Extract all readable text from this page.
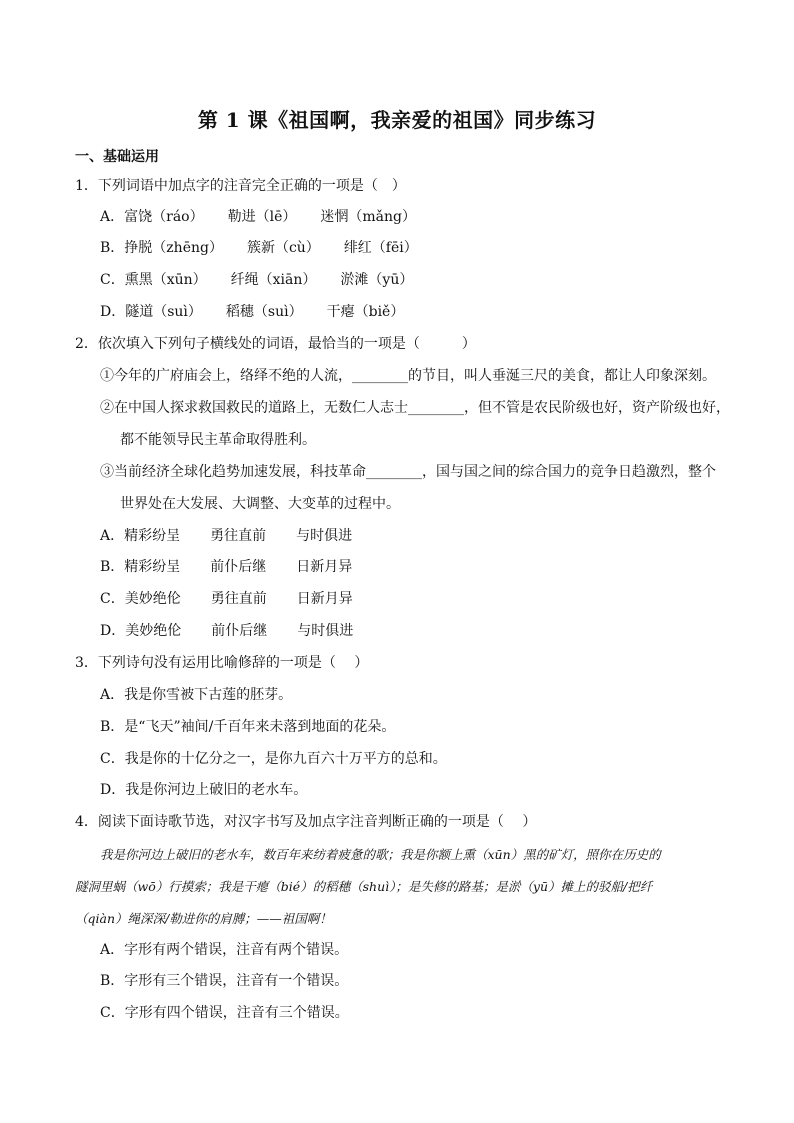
第 1 课《祖国啊，我亲爱的祖国》同步练习
一、基础运用
1．下列词语中加点字的注音完全正确的一项是（　）
A．富饶（ráo） 勒进（lē） 迷惘（mǎng）
B．挣脱（zhēng） 簇新（cù） 绯红（fēi）
C．熏黑（xūn） 纤绳（xiān） 淤滩（yū）
D．隧道（suì） 稻穗（suì） 干瘪（biě）
2．依次填入下列句子横线处的词语，最恰当的一项是（　　　）
①今年的广府庙会上，络绎不绝的人流，________的节目，叫人垂涎三尺的美食，都让人印象深刻。
②在中国人探求救国救民的道路上，无数仁人志士________，但不管是农民阶级也好，资产阶级也好，
都不能领导民主革命取得胜利。
③当前经济全球化趋势加速发展，科技革命________，国与国之间的综合国力的竞争日趋激烈，整个
世界处在大发展、大调整、大变革的过程中。
A．精彩纷呈 勇往直前 与时俱进
B．精彩纷呈 前仆后继 日新月异
C．美妙绝伦 勇往直前 日新月异
D．美妙绝伦 前仆后继 与时俱进
3．下列诗句没有运用比喻修辞的一项是（　 ）
A．我是你雪被下古莲的胚芽。
B．是“飞天”袖间/千百年来未落到地面的花朵。
C．我是你的十亿分之一，是你九百六十万平方的总和。
D．我是你河边上破旧的老水车。
4．阅读下面诗歌节选，对汉字书写及加点字注音判断正确的一项是（　 ）
我是你河边上破旧的老水车，数百年来纺着疲惫的歌；我是你额上熏（xūn）黑的矿灯，照你在历史的
隧洞里蜗（wō）行摸索；我是干瘪（bié）的稻穗（shuì）；是失修的路基；是淤（yū）摊上的驳船/把纤
（qiàn）绳深深/勒进你的肩膊；——祖国啊！
A．字形有两个错误，注音有两个错误。
B．字形有三个错误，注音有一个错误。
C．字形有四个错误，注音有三个错误。
